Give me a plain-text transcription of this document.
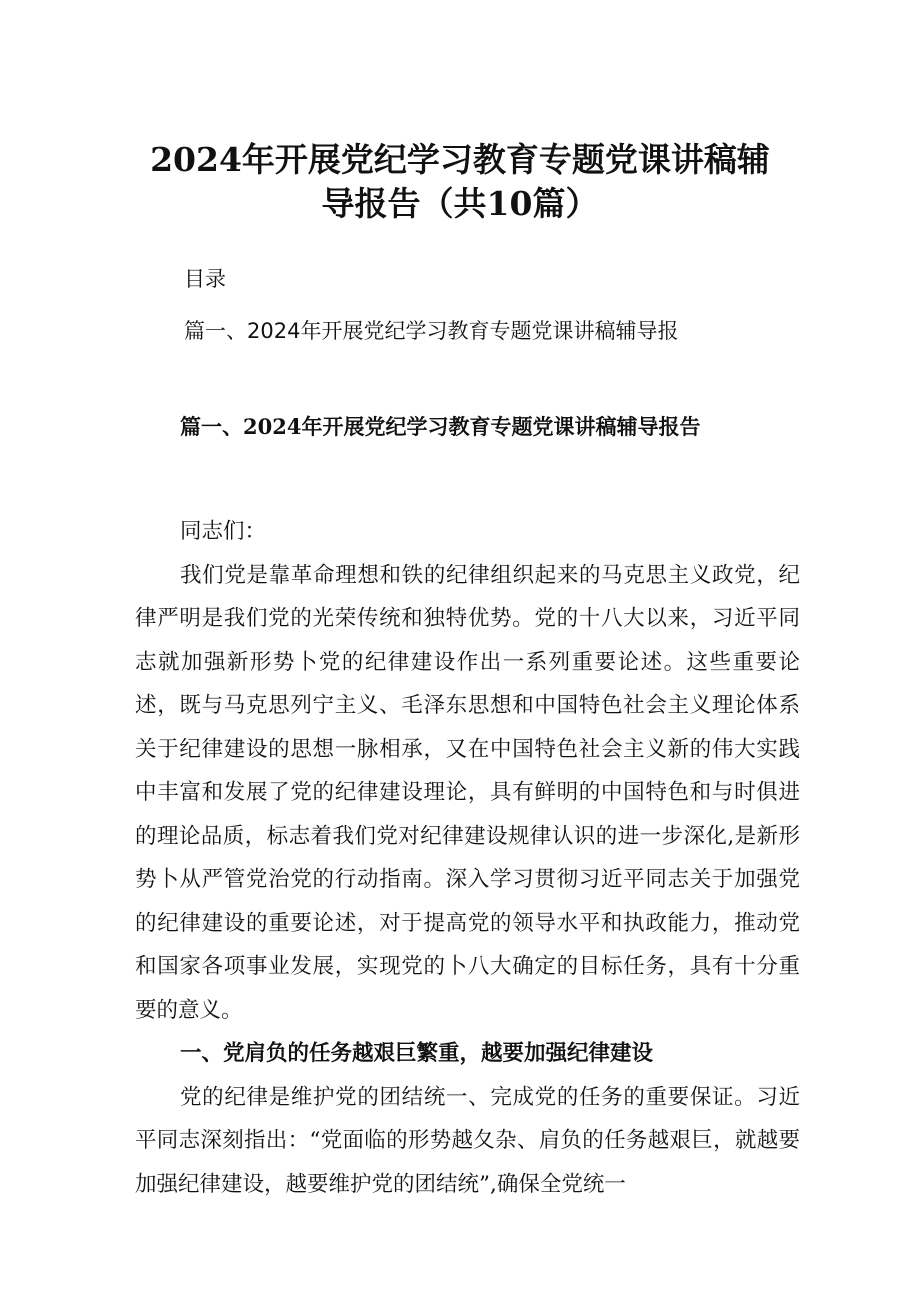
2024年开展党纪学习教育专题党课讲稿辅
导报告（共10篇）
目录
篇一、2024年开展党纪学习教育专题党课讲稿辅导报
篇一、2024年开展党纪学习教育专题党课讲稿辅导报告

同志们：

我们党是靠革命理想和铁的纪律组织起来的马克思主义政党，纪律严明是我们党的光荣传统和独特优势。党的十八大以来，习近平同志就加强新形势卜党的纪律建设作出一系列重要论述。这些重要论述，既与马克思列宁主义、毛泽东思想和中国特色社会主义理论体系关于纪律建设的思想一脉相承，又在中国特色社会主义新的伟大实践中丰富和发展了党的纪律建设理论，具有鲜明的中国特色和与时俱进的理论品质，标志着我们党对纪律建设规律认识的进一步深化,是新形势卜从严管党治党的行动指南。深入学习贯彻习近平同志关于加强党的纪律建设的重要论述，对于提高党的领导水平和执政能力，推动党和国家各项事业发展，实现党的卜八大确定的目标任务，具有十分重要的意义。

一、党肩负的任务越艰巨繁重，越要加强纪律建设

党的纪律是维护党的团结统一、完成党的任务的重要保证。习近平同志深刻指出：“党面临的形势越夂杂、肩负的任务越艰巨，就越要加强纪律建设，越要维护党的团结统”,确保全党统一
